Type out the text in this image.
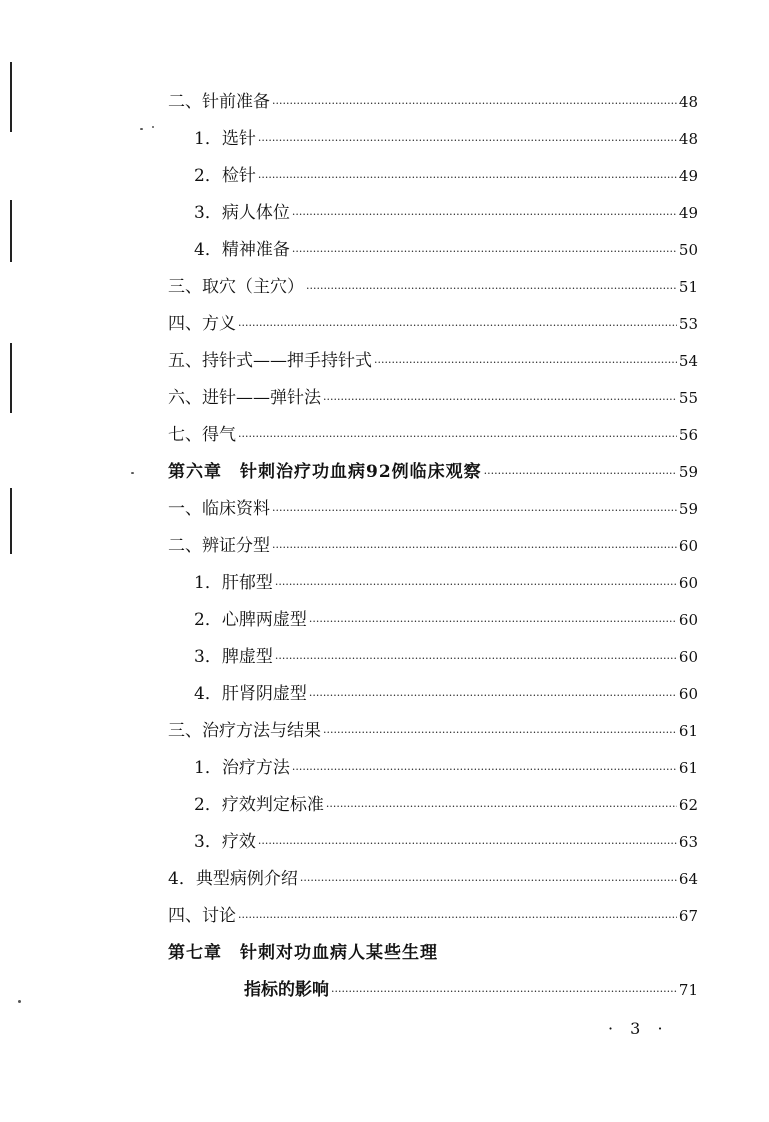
二、针前准备 ·····	48
1．选针 ·····	48
2．检针 ·····	49
3．病人体位 ·····	49
4．精神准备 ·····	50
三、取穴（主穴） ·····	51
四、方义 ·····	53
五、持针式——押手持针式 ·····	54
六、进针——弹针法 ·····	55
七、得气 ·····	56
第六章　针刺治疗功血病92例临床观察 ·····	59
一、临床资料 ·····	59
二、辨证分型 ·····	60
1．肝郁型 ·····	60
2．心脾两虚型 ·····	60
3．脾虚型 ·····	60
4．肝肾阴虚型 ·····	60
三、治疗方法与结果 ·····	61
1．治疗方法 ·····	61
2．疗效判定标准 ·····	62
3．疗效 ·····	63
4．典型病例介绍 ·····	64
四、讨论 ·····	67
第七章　针刺对功血病人某些生理
指标的影响 ·····	71
· 3 ·
